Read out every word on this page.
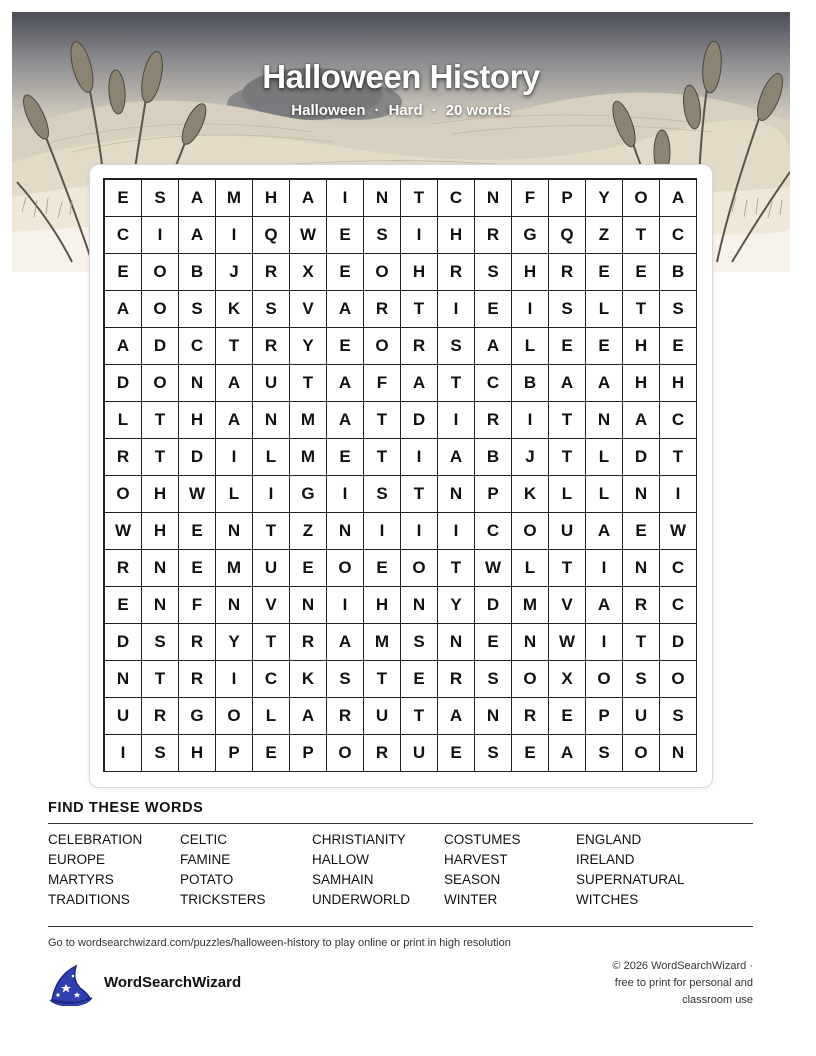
Halloween History
Halloween · Hard · 20 words
E	S	A	M	H	A	I	N	T	C	N	F	P	Y	O	A
C	I	A	I	Q	W	E	S	I	H	R	G	Q	Z	T	C
E	O	B	J	R	X	E	O	H	R	S	H	R	E	E	B
A	O	S	K	S	V	A	R	T	I	E	I	S	L	T	S
A	D	C	T	R	Y	E	O	R	S	A	L	E	E	H	E
D	O	N	A	U	T	A	F	A	T	C	B	A	A	H	H
L	T	H	A	N	M	A	T	D	I	R	I	T	N	A	C
R	T	D	I	L	M	E	T	I	A	B	J	T	L	D	T
O	H	W	L	I	G	I	S	T	N	P	K	L	L	N	I
W	H	E	N	T	Z	N	I	I	I	C	O	U	A	E	W
R	N	E	M	U	E	O	E	O	T	W	L	T	I	N	C
E	N	F	N	V	N	I	H	N	Y	D	M	V	A	R	C
D	S	R	Y	T	R	A	M	S	N	E	N	W	I	T	D
N	T	R	I	C	K	S	T	E	R	S	O	X	O	S	O
U	R	G	O	L	A	R	U	T	A	N	R	E	P	U	S
I	S	H	P	E	P	O	R	U	E	S	E	A	S	O	N
FIND THESE WORDS
CELEBRATION	CELTIC	CHRISTIANITY	COSTUMES	ENGLAND
EUROPE	FAMINE	HALLOW	HARVEST	IRELAND
MARTYRS	POTATO	SAMHAIN	SEASON	SUPERNATURAL
TRADITIONS	TRICKSTERS	UNDERWORLD	WINTER	WITCHES
Go to wordsearchwizard.com/puzzles/halloween-history to play online or print in high resolution
WordSearchWizard
© 2026 WordSearchWizard ·
free to print for personal and
classroom use
